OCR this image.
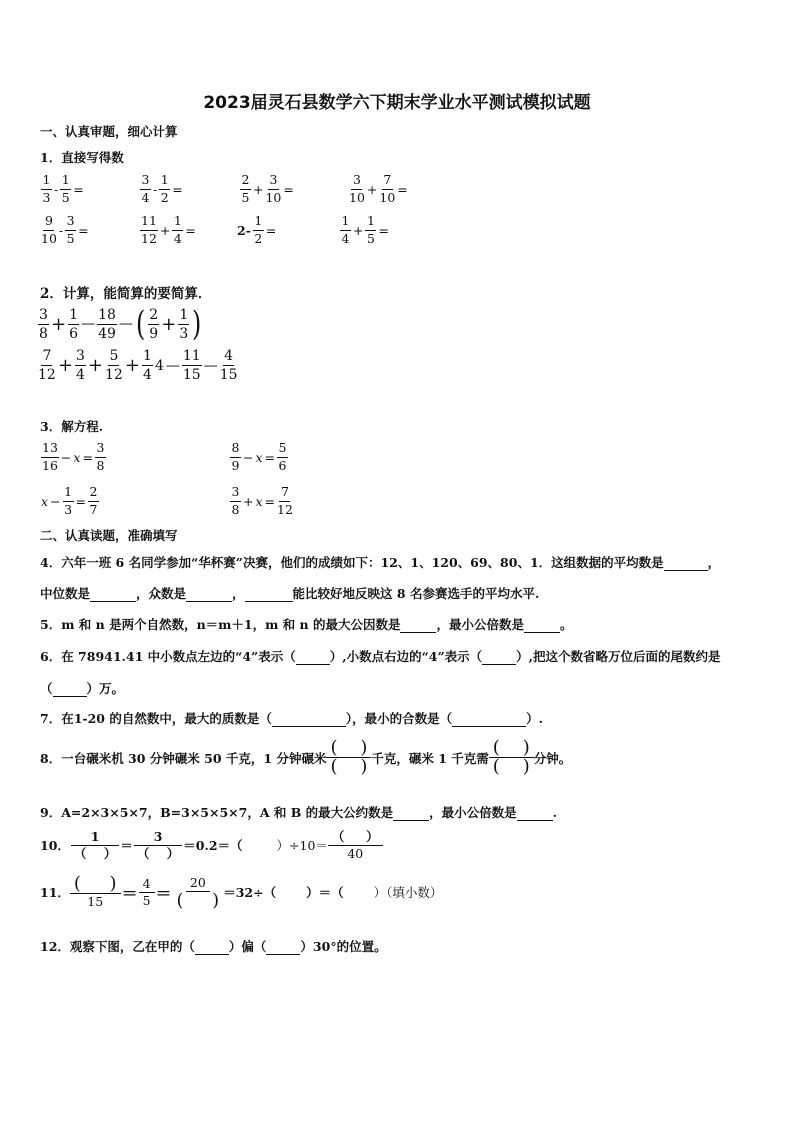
2023届灵石县数学六下期末学业水平测试模拟试题
一、认真审题，细心计算
1．直接写得数
$\frac{1}{3} - \frac{1}{5}$ =	$\frac{3}{4} - \frac{1}{2}$ =	$\frac{2}{5} + \frac{3}{10}$ =	$\frac{3}{10} + \frac{7}{10}$ =
$\frac{9}{10} - \frac{3}{5}$ =	$\frac{11}{12} + \frac{1}{4}$ =	$2- \frac{1}{2}$ =	$\frac{1}{4} + \frac{1}{5}$ =
2．计算，能简算的要简算．
$\frac{3}{8} + \frac{1}{6}$ — $\frac{18}{49}$ — ( $\frac{2}{9} + \frac{1}{3}$ )
$\frac{7}{12} + \frac{3}{4} + \frac{5}{12} + \frac{1}{4} 4$ — $\frac{11}{15}$ — $\frac{4}{15}$
3．解方程.
$\frac{13}{16} - x = \frac{3}{8}$	$\frac{8}{9} - x = \frac{5}{6}$
$x - \frac{1}{3} = \frac{2}{7}$	$\frac{3}{8} + x = \frac{7}{12}$
二、认真读题，准确填写
4．六年一班 6 名同学参加“华杯赛”决赛，他们的成绩如下：12、1、120、69、80、1．这组数据的平均数是	，
中位数是	，众数是	，	能比较好地反映这 8 名参赛选手的平均水平.
5．m 和 n 是两个自然数，n＝m＋1，m 和 n 的最大公因数是	，最小公倍数是	。
6．在 78941.41 中小数点左边的“4”表示（	）,小数点右边的“4”表示（	）,把这个数省略万位后面的尾数约是
（	）万。
7．在1-20 的自然数中，最大的质数是（	），最小的合数是（	）.
8．一台碾米机 30 分钟碾米 50 千克，1 分钟碾米
(    )
(    ) 千克，碾米 1 千克需
(    )
(    ) 分钟。
9．A=2×3×5×7，B=3×5×5×7，A 和 B 的最大公约数是	，最小公倍数是	.
10．
1
（    ） ＝
3
（    ） ＝0.2＝（	）÷10＝
（     ）
40
11． (     )
15 ＝
4
5 ＝
20
(     ) ＝32÷（ ）＝（ ）（填小数）
12．观察下图，乙在甲的（	）偏（	）30°的位置。
